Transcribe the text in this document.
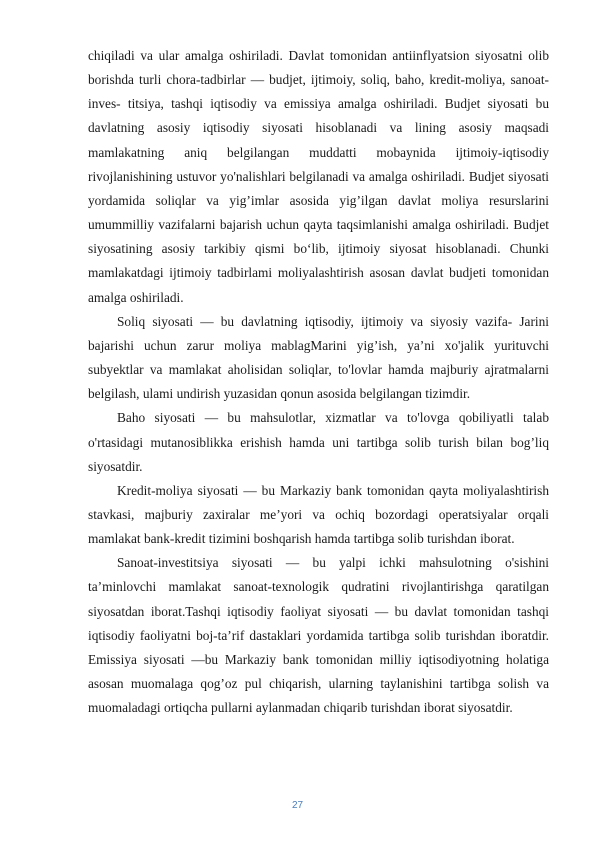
chiqiladi va ular amalga oshiriladi. Davlat tomonidan antiinflyatsion siyosatni olib borishda turli chora-tadbirlar — budjet, ijtimoiy, soliq, baho, kredit-moliya, sanoat-inves- titsiya, tashqi iqtisodiy va emissiya amalga oshiriladi. Budjet siyosati bu davlatning asosiy iqtisodiy siyosati hisoblanadi va lining asosiy maqsadi mamlakatning aniq belgilangan muddatti mobaynida ijtimoiy-iqtisodiy rivojlanishining ustuvor yo'nalishlari belgilanadi va amalga oshiriladi. Budjet siyosati yordamida soliqlar va yig’imlar asosida yig’ilgan davlat moliya resurslarini umummilliy vazifalarni bajarish uchun qayta taqsimlanishi amalga oshiriladi. Budjet siyosatining asosiy tarkibiy qismi bo‘lib, ijtimoiy siyosat hisoblanadi. Chunki mamlakatdagi ijtimoiy tadbirlami moliyalashtirish asosan davlat budjeti tomonidan amalga oshiriladi.

Soliq siyosati — bu davlatning iqtisodiy, ijtimoiy va siyosiy vazifa- Jarini bajarishi uchun zarur moliya mablagMarini yig’ish, ya’ni xo'jalik yurituvchi subyektlar va mamlakat aholisidan soliqlar, to'lovlar hamda majburiy ajratmalarni belgilash, ulami undirish yuzasidan qonun asosida belgilangan tizimdir.

Baho siyosati — bu mahsulotlar, xizmatlar va to'lovga qobiliyatli talab o'rtasidagi mutanosiblikka erishish hamda uni tartibga solib turish bilan bog’liq siyosatdir.

Kredit-moliya siyosati — bu Markaziy bank tomonidan qayta moliyalashtirish stavkasi, majburiy zaxiralar me’yori va ochiq bozordagi operatsiyalar orqali mamlakat bank-kredit tizimini boshqarish hamda tartibga solib turishdan iborat.

Sanoat-investitsiya siyosati — bu yalpi ichki mahsulotning o'sishini ta’minlovchi mamlakat sanoat-texnologik qudratini rivojlantirishga qaratilgan siyosatdan iborat.Tashqi iqtisodiy faoliyat siyosati — bu davlat tomonidan tashqi iqtisodiy faoliyatni boj-ta’rif dastaklari yordamida tartibga solib turishdan iboratdir. Emissiya siyosati —bu Markaziy bank tomonidan milliy iqtisodiyotning holatiga asosan muomalaga qog’oz pul chiqarish, ularning taylanishini tartibga solish va muomaladagi ortiqcha pullarni aylanmadan chiqarib turishdan iborat siyosatdir.

27
